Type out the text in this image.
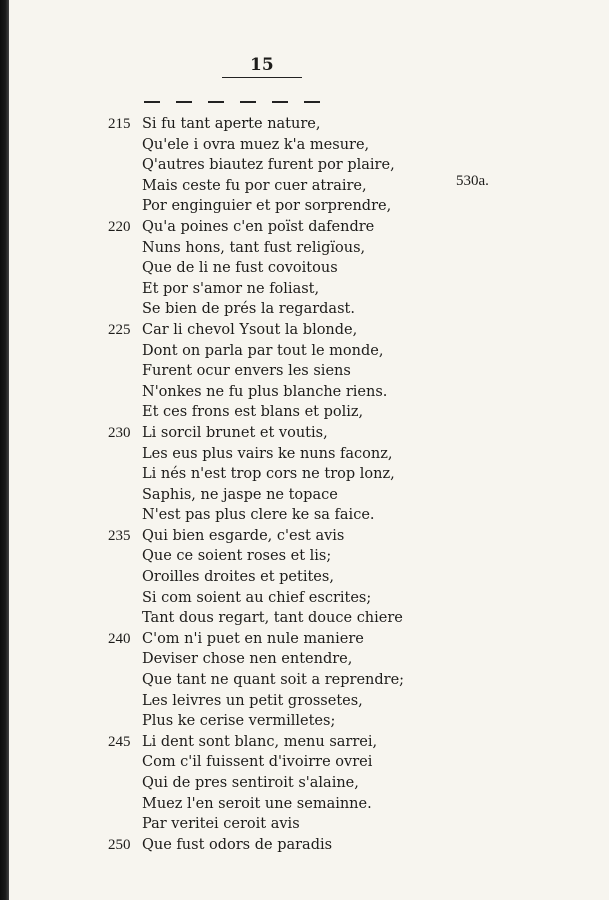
15
530a.
215 Si fu tant aperte nature,
Qu'ele i ovra muez k'a mesure,
Q'autres biautez furent por plaire,
Mais ceste fu por cuer atraire,
Por enginguier et por sorprendre,
220 Qu'a poines c'en poïst dafendre
Nuns hons, tant fust religïous,
Que de li ne fust covoitous
Et por s'amor ne foliast,
Se bien de prés la regardast.
225 Car li chevol Ysout la blonde,
Dont on parla par tout le monde,
Furent ocur envers les siens
N'onkes ne fu plus blanche riens.
Et ces frons est blans et poliz,
230 Li sorcil brunet et voutis,
Les eus plus vairs ke nuns faconz,
Li nés n'est trop cors ne trop lonz,
Saphis, ne jaspe ne topace
N'est pas plus clere ke sa faice.
235 Qui bien esgarde, c'est avis
Que ce soient roses et lis;
Oroilles droites et petites,
Si com soient au chief escrites;
Tant dous regart, tant douce chiere
240 C'om n'i puet en nule maniere
Deviser chose nen entendre,
Que tant ne quant soit a reprendre;
Les leivres un petit grossetes,
Plus ke cerise vermilletes;
245 Li dent sont blanc, menu sarrei,
Com c'il fuissent d'ivoirre ovrei
Qui de pres sentiroit s'alaine,
Muez l'en seroit une semainne.
Par veritei ceroit avis
250 Que fust odors de paradis
